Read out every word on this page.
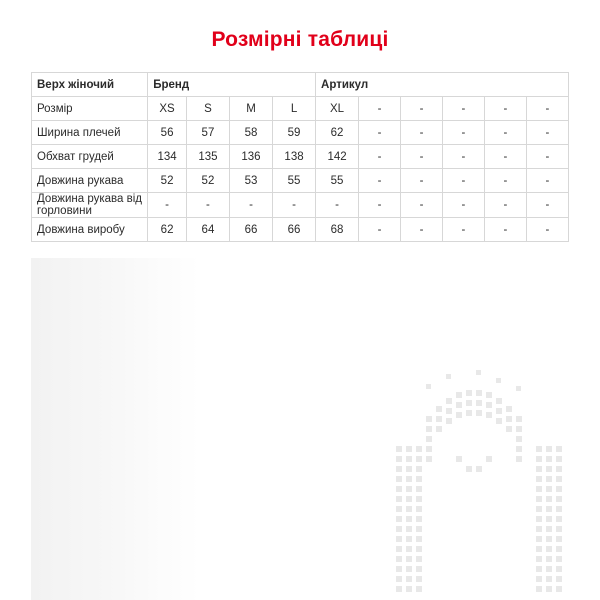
Розмірні таблиці
Верх жіночий	Бренд				Артикул					
Розмір	XS	S	M	L	XL	-	-	-	-	-
Ширина плечей	56	57	58	59	62	-	-	-	-	-
Обхват грудей	134	135	136	138	142	-	-	-	-	-
Довжина рукава	52	52	53	55	55	-	-	-	-	-
Довжина рукава від горловини	-	-	-	-	-	-	-	-	-	-
Довжина виробу	62	64	66	66	68	-	-	-	-	-
